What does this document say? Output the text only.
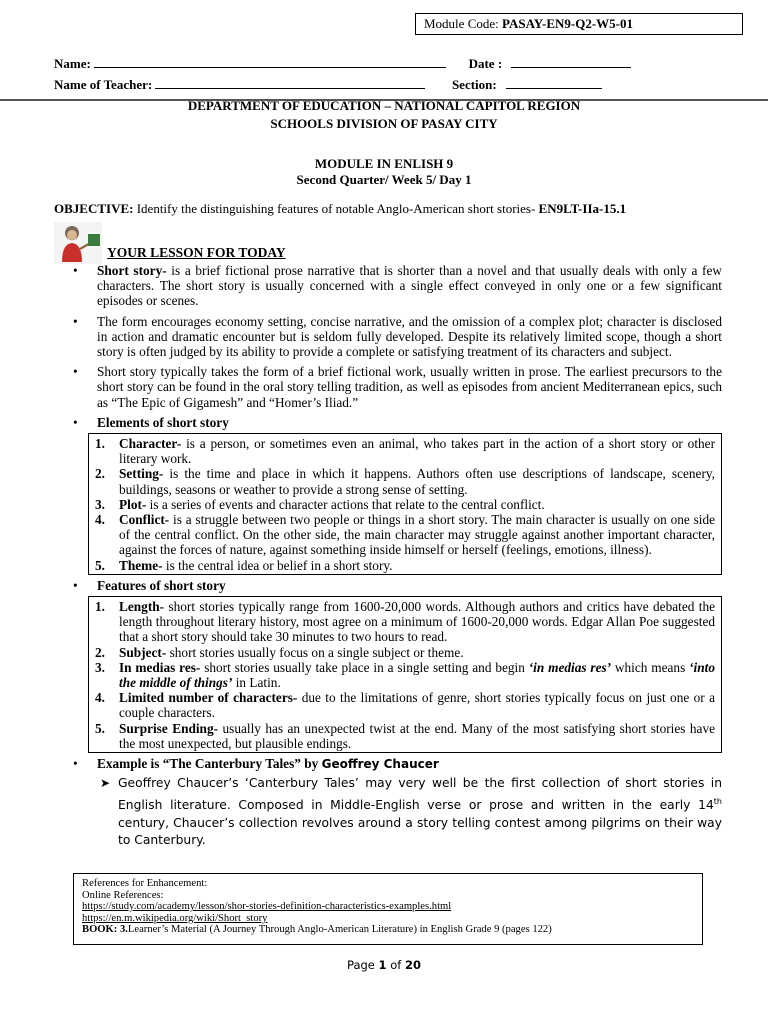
Module Code: PASAY-EN9-Q2-W5-01
Name:	Date :
Name of Teacher:	Section:
DEPARTMENT OF EDUCATION – NATIONAL CAPITOL REGION
SCHOOLS DIVISION OF PASAY CITY
MODULE IN ENLISH 9
Second Quarter/ Week 5/ Day 1
OBJECTIVE: Identify the distinguishing features of notable Anglo-American short stories- EN9LT-IIa-15.1
YOUR LESSON FOR TODAY
• Short story- is a brief fictional prose narrative that is shorter than a novel and that usually deals with only a few characters. The short story is usually concerned with a single effect conveyed in only one or a few significant episodes or scenes.
• The form encourages economy setting, concise narrative, and the omission of a complex plot; character is disclosed in action and dramatic encounter but is seldom fully developed. Despite its relatively limited scope, though a short story is often judged by its ability to provide a complete or satisfying treatment of its characters and subject.
• Short story typically takes the form of a brief fictional work, usually written in prose. The earliest precursors to the short story can be found in the oral story telling tradition, as well as episodes from ancient Mediterranean epics, such as “The Epic of Gigamesh” and “Homer’s Iliad.”
• Elements of short story
1. Character- is a person, or sometimes even an animal, who takes part in the action of a short story or other literary work.
2. Setting- is the time and place in which it happens. Authors often use descriptions of landscape, scenery, buildings, seasons or weather to provide a strong sense of setting.
3. Plot- is a series of events and character actions that relate to the central conflict.
4. Conflict- is a struggle between two people or things in a short story. The main character is usually on one side of the central conflict. On the other side, the main character may struggle against another important character, against the forces of nature, against something inside himself or herself (feelings, emotions, illness).
5. Theme- is the central idea or belief in a short story.
• Features of short story
1. Length- short stories typically range from 1600-20,000 words. Although authors and critics have debated the length throughout literary history, most agree on a minimum of 1600-20,000 words. Edgar Allan Poe suggested that a short story should take 30 minutes to two hours to read.
2. Subject- short stories usually focus on a single subject or theme.
3. In medias res- short stories usually take place in a single setting and begin ‘in medias res’ which means ‘into the middle of things’ in Latin.
4. Limited number of characters- due to the limitations of genre, short stories typically focus on just one or a couple characters.
5. Surprise Ending- usually has an unexpected twist at the end. Many of the most satisfying short stories have the most unexpected, but plausible endings.
• Example is “The Canterbury Tales” by Geoffrey Chaucer
➤ Geoffrey Chaucer’s ‘Canterbury Tales’ may very well be the first collection of short stories in English literature. Composed in Middle-English verse or prose and written in the early 14th century, Chaucer’s collection revolves around a story telling contest among pilgrims on their way to Canterbury.
References for Enhancement:
Online References:
https://study.com/academy/lesson/shor-stories-definition-characteristics-examples.html
https://en.m.wikipedia.org/wiki/Short_story
BOOK: 3.Learner’s Material (A Journey Through Anglo-American Literature) in English Grade 9 (pages 122)
Page 1 of 20
